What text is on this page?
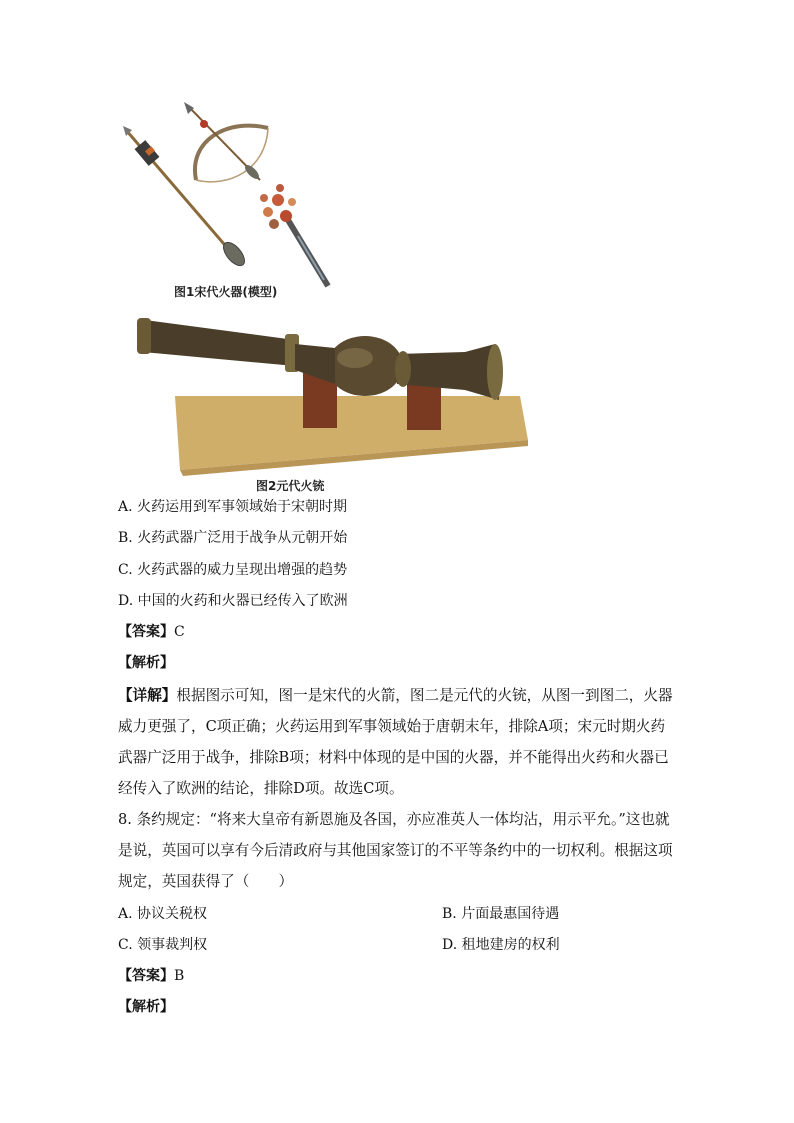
图1宋代火器(模型)
图2元代火铳
A. 火药运用到军事领域始于宋朝时期
B. 火药武器广泛用于战争从元朝开始
C. 火药武器的威力呈现出增强的趋势
D. 中国的火药和火器已经传入了欧洲
【答案】C
【解析】
【详解】根据图示可知，图一是宋代的火箭，图二是元代的火铳，从图一到图二，火器威力更强了，C项正确；火药运用到军事领域始于唐朝末年，排除A项；宋元时期火药武器广泛用于战争，排除B项；材料中体现的是中国的火器，并不能得出火药和火器已经传入了欧洲的结论，排除D项。故选C项。
8. 条约规定：“将来大皇帝有新恩施及各国，亦应准英人一体均沾，用示平允。”这也就是说，英国可以享有今后清政府与其他国家签订的不平等条约中的一切权利。根据这项规定，英国获得了（　　）
A. 协议关税权	B. 片面最惠国待遇
C. 领事裁判权	D. 租地建房的权利
【答案】B
【解析】
